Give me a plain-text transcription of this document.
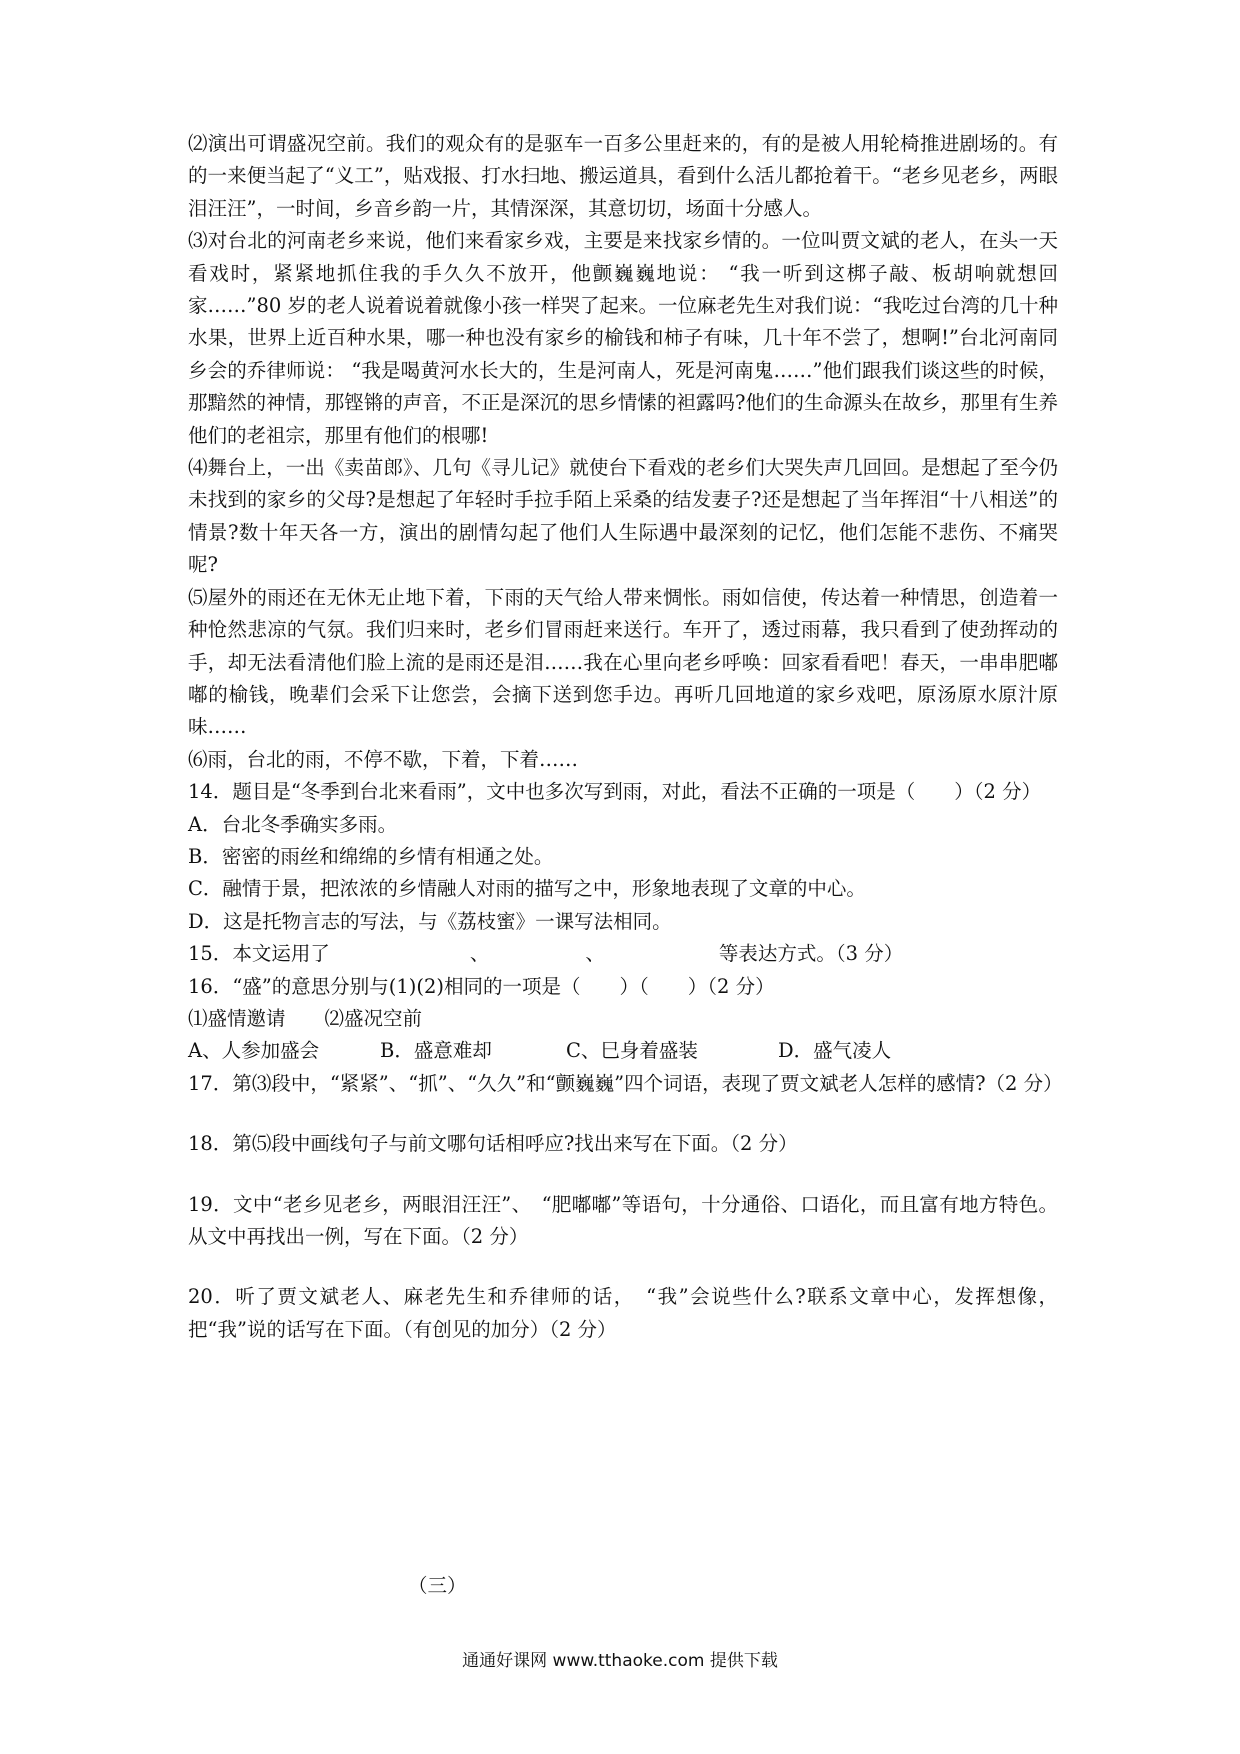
⑵演出可谓盛况空前。我们的观众有的是驱车一百多公里赶来的，有的是被人用轮椅推进剧场的。有的一来便当起了“义工”，贴戏报、打水扫地、搬运道具，看到什么活儿都抢着干。“老乡见老乡，两眼泪汪汪”，一时间，乡音乡韵一片，其情深深，其意切切，场面十分感人。

⑶对台北的河南老乡来说，他们来看家乡戏，主要是来找家乡情的。一位叫贾文斌的老人，在头一天看戏时，紧紧地抓住我的手久久不放开，他颤巍巍地说： “我一听到这梆子敲、板胡响就想回家……”80 岁的老人说着说着就像小孩一样哭了起来。一位麻老先生对我们说：“我吃过台湾的几十种水果，世界上近百种水果，哪一种也没有家乡的榆钱和柿子有味，几十年不尝了，想啊!”台北河南同乡会的乔律师说： “我是喝黄河水长大的，生是河南人，死是河南鬼……”他们跟我们谈这些的时候，那黯然的神情，那铿锵的声音，不正是深沉的思乡情愫的袒露吗?他们的生命源头在故乡，那里有生养他们的老祖宗，那里有他们的根哪!

⑷舞台上，一出《卖苗郎》、几句《寻儿记》就使台下看戏的老乡们大哭失声几回回。是想起了至今仍未找到的家乡的父母?是想起了年轻时手拉手陌上采桑的结发妻子?还是想起了当年挥泪“十八相送”的情景?数十年天各一方，演出的剧情勾起了他们人生际遇中最深刻的记忆，他们怎能不悲伤、不痛哭呢?

⑸屋外的雨还在无休无止地下着，下雨的天气给人带来惆怅。雨如信使，传达着一种情思，创造着一种怆然悲凉的气氛。我们归来时，老乡们冒雨赶来送行。车开了，透过雨幕，我只看到了使劲挥动的手，却无法看清他们脸上流的是雨还是泪……我在心里向老乡呼唤：回家看看吧！春天，一串串肥嘟嘟的榆钱，晚辈们会采下让您尝，会摘下送到您手边。再听几回地道的家乡戏吧，原汤原水原汁原味……

⑹雨，台北的雨，不停不歇，下着，下着……

14．题目是“冬季到台北来看雨”，文中也多次写到雨，对此，看法不正确的一项是（　　）（2 分）

A．台北冬季确实多雨。

B．密密的雨丝和绵绵的乡情有相通之处。

C．融情于景，把浓浓的乡情融人对雨的描写之中，形象地表现了文章的中心。

D．这是托物言志的写法，与《荔枝蜜》一课写法相同。

15．本文运用了	、	、	等表达方式。（3 分）

16．“盛”的意思分别与(1)(2)相同的一项是（　　）（　　）（2 分）

⑴盛情邀请　　⑵盛况空前

A、人参加盛会	B．盛意难却	C、巳身着盛装	D．盛气凌人

17．第⑶段中，“紧紧”、“抓”、“久久”和“颤巍巍”四个词语，表现了贾文斌老人怎样的感情?（2 分）

18．第⑸段中画线句子与前文哪句话相呼应?找出来写在下面。（2 分）

19．文中“老乡见老乡，两眼泪汪汪”、　“肥嘟嘟”等语句，十分通俗、口语化，而且富有地方特色。从文中再找出一例，写在下面。（2 分）

20．听了贾文斌老人、麻老先生和乔律师的话，　“我”会说些什么?联系文章中心，发挥想像，把“我”说的话写在下面。（有创见的加分）（2 分）

（三）
通通好课网 www.tthaoke.com 提供下载
